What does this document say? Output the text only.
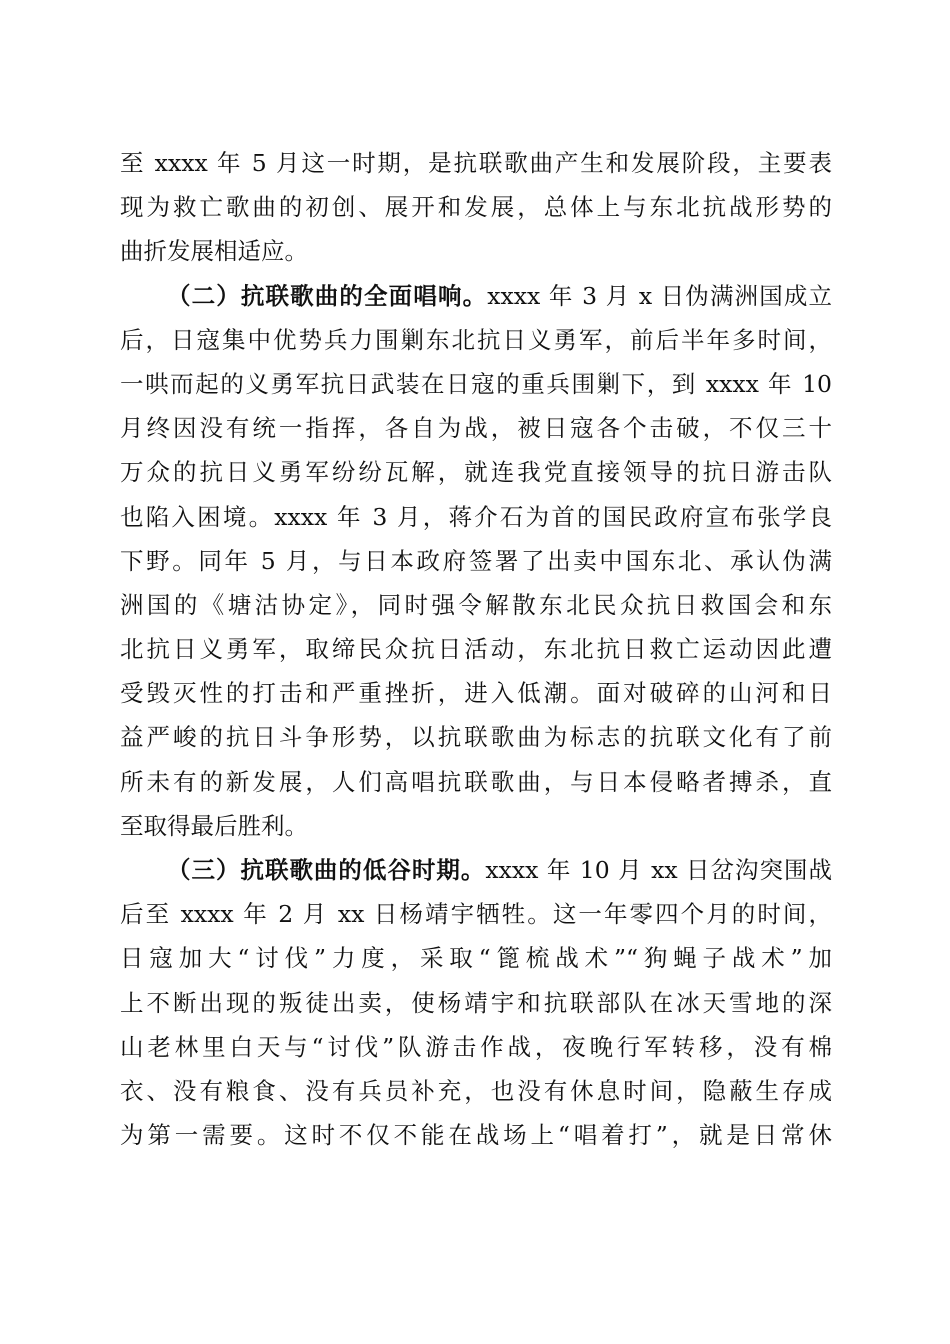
至 xxxx 年 5 月这一时期，是抗联歌曲产生和发展阶段，主要表
现为救亡歌曲的初创、展开和发展，总体上与东北抗战形势的
曲折发展相适应。
（二）抗联歌曲的全面唱响。xxxx 年 3 月 x 日伪满洲国成立
后，日寇集中优势兵力围剿东北抗日义勇军，前后半年多时间，
一哄而起的义勇军抗日武装在日寇的重兵围剿下，到 xxxx 年 10
月终因没有统一指挥，各自为战，被日寇各个击破，不仅三十
万众的抗日义勇军纷纷瓦解，就连我党直接领导的抗日游击队
也陷入困境。xxxx 年 3 月，蒋介石为首的国民政府宣布张学良
下野。同年 5 月，与日本政府签署了出卖中国东北、承认伪满
洲国的《塘沽协定》，同时强令解散东北民众抗日救国会和东
北抗日义勇军，取缔民众抗日活动，东北抗日救亡运动因此遭
受毁灭性的打击和严重挫折，进入低潮。面对破碎的山河和日
益严峻的抗日斗争形势，以抗联歌曲为标志的抗联文化有了前
所未有的新发展，人们高唱抗联歌曲，与日本侵略者搏杀，直
至取得最后胜利。
（三）抗联歌曲的低谷时期。xxxx 年 10 月 xx 日岔沟突围战
后至 xxxx 年 2 月 xx 日杨靖宇牺牲。这一年零四个月的时间，
日寇加大“讨伐”力度，采取“篦梳战术”“狗蝇子战术”加
上不断出现的叛徒出卖，使杨靖宇和抗联部队在冰天雪地的深
山老林里白天与“讨伐”队游击作战，夜晚行军转移，没有棉
衣、没有粮食、没有兵员补充，也没有休息时间，隐蔽生存成
为第一需要。这时不仅不能在战场上“唱着打”，就是日常休
